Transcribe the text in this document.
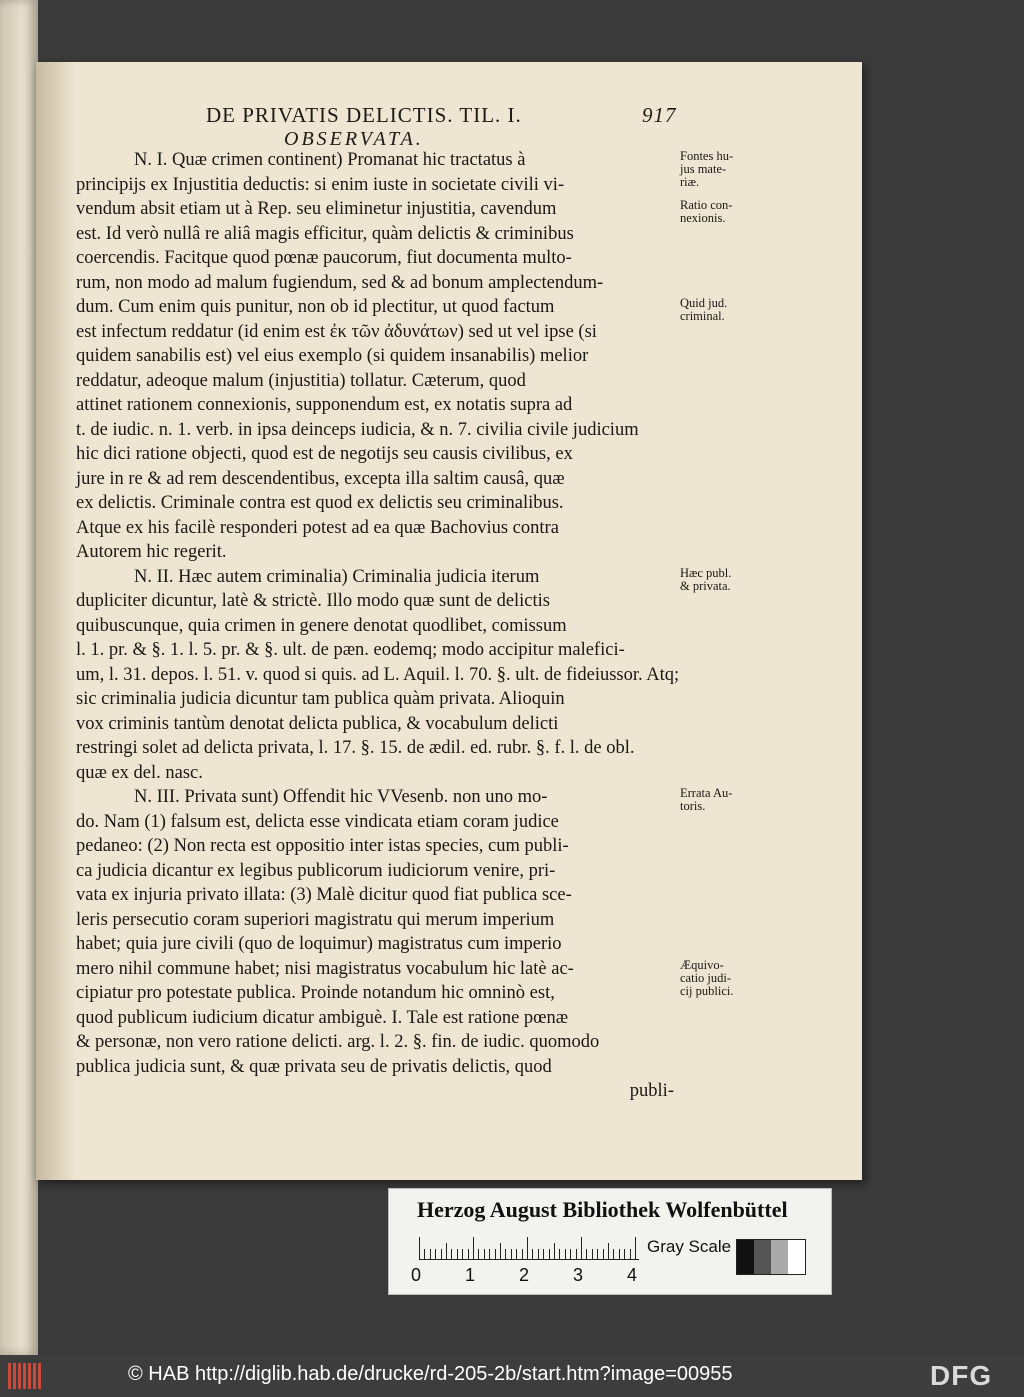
DE PRIVATIS DELICTIS. TIL. I.	917
OBSERVATA.
N. I. Quæ crimen continent) Promanat hic tractatus à
principijs ex Injustitia deductis: si enim iuste in societate civili vi-
vendum absit etiam ut à Rep. seu eliminetur injustitia, cavendum
est. Id verò nullâ re aliâ magis efficitur, quàm delictis & criminibus
coercendis. Facitque quod pœnæ paucorum, fiut documenta multo-
rum, non modo ad malum fugiendum, sed & ad bonum amplectendum-
dum. Cum enim quis punitur, non ob id plectitur, ut quod factum
est infectum reddatur (id enim est ἐκ τῶν ἀδυνάτων) sed ut vel ipse (si
quidem sanabilis est) vel eius exemplo (si quidem insanabilis) melior
reddatur, adeoque malum (injustitia) tollatur. Cæterum, quod
attinet rationem connexionis, supponendum est, ex notatis supra ad
t. de iudic. n. 1. verb. in ipsa deinceps iudicia, & n. 7. civilia civile judicium
hic dici ratione objecti, quod est de negotijs seu causis civilibus, ex
jure in re & ad rem descendentibus, excepta illa saltim causâ, quæ
ex delictis. Criminale contra est quod ex delictis seu criminalibus.
Atque ex his facilè responderi potest ad ea quæ Bachovius contra
Autorem hic regerit.
N. II. Hæc autem criminalia) Criminalia judicia iterum
dupliciter dicuntur, latè & strictè. Illo modo quæ sunt de delictis
quibuscunque, quia crimen in genere denotat quodlibet, comissum
l. 1. pr. & §. 1. l. 5. pr. & §. ult. de pæn. eodemq; modo accipitur malefici-
um, l. 31. depos. l. 51. v. quod si quis. ad L. Aquil. l. 70. §. ult. de fideiussor. Atq;
sic criminalia judicia dicuntur tam publica quàm privata. Alioquin
vox criminis tantùm denotat delicta publica, & vocabulum delicti
restringi solet ad delicta privata, l. 17. §. 15. de ædil. ed. rubr. §. f. l. de obl.
quæ ex del. nasc.
N. III. Privata sunt) Offendit hic VVesenb. non uno mo-
do. Nam (1) falsum est, delicta esse vindicata etiam coram judice
pedaneo: (2) Non recta est oppositio inter istas species, cum publi-
ca judicia dicantur ex legibus publicorum iudiciorum venire, pri-
vata ex injuria privato illata: (3) Malè dicitur quod fiat publica sce-
leris persecutio coram superiori magistratu qui merum imperium
habet; quia jure civili (quo de loquimur) magistratus cum imperio
mero nihil commune habet; nisi magistratus vocabulum hic latè ac-
cipiatur pro potestate publica. Proinde notandum hic omninò est,
quod publicum iudicium dicatur ambiguè. I. Tale est ratione pœnæ
& personæ, non vero ratione delicti. arg. l. 2. §. fin. de iudic. quomodo
publica judicia sunt, & quæ privata seu de privatis delictis, quod
publi-
Fontes hu-
jus mate-
riæ.
Ratio con-
nexionis.
Quid jud.
criminal.
Hæc publ.
& privata.
Errata Au-
toris.
Æquivo-
catio judi-
cij publici.
Herzog August Bibliothek Wolfenbüttel
0 1 2 3 4
Gray Scale
© HAB http://diglib.hab.de/drucke/rd-205-2b/start.htm?image=00955	DFG
